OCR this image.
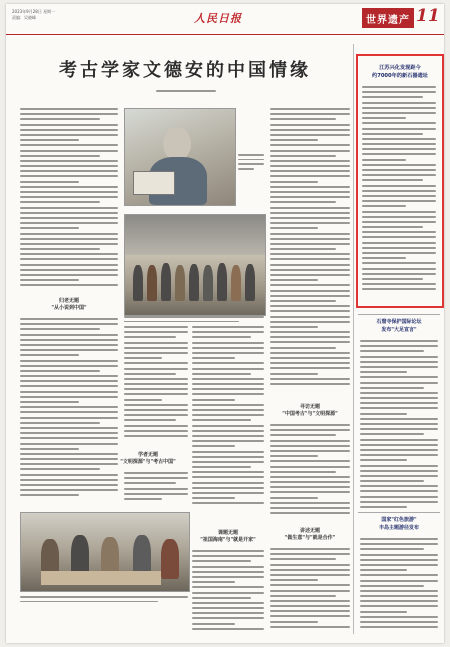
2023年9月28日 星期一
责编：吴晓峰	人民日报	世界遗产 11
考古学家文德安的中国情缘
归老无题
"从小说到中国"
学者无题
"文明探源"与"考古中国"
课题无题
"祖国海南"与"就是开家"
寻访无题
"中国考古"与"文明探源"
讲述无题
"做生意"与"就是合作"
江苏兴化发现距今
约7000年的新石器遗址
石窟寺保护国际论坛
发布"大足宣言"
国家"红色旅游"
丰岛主题游径发布
